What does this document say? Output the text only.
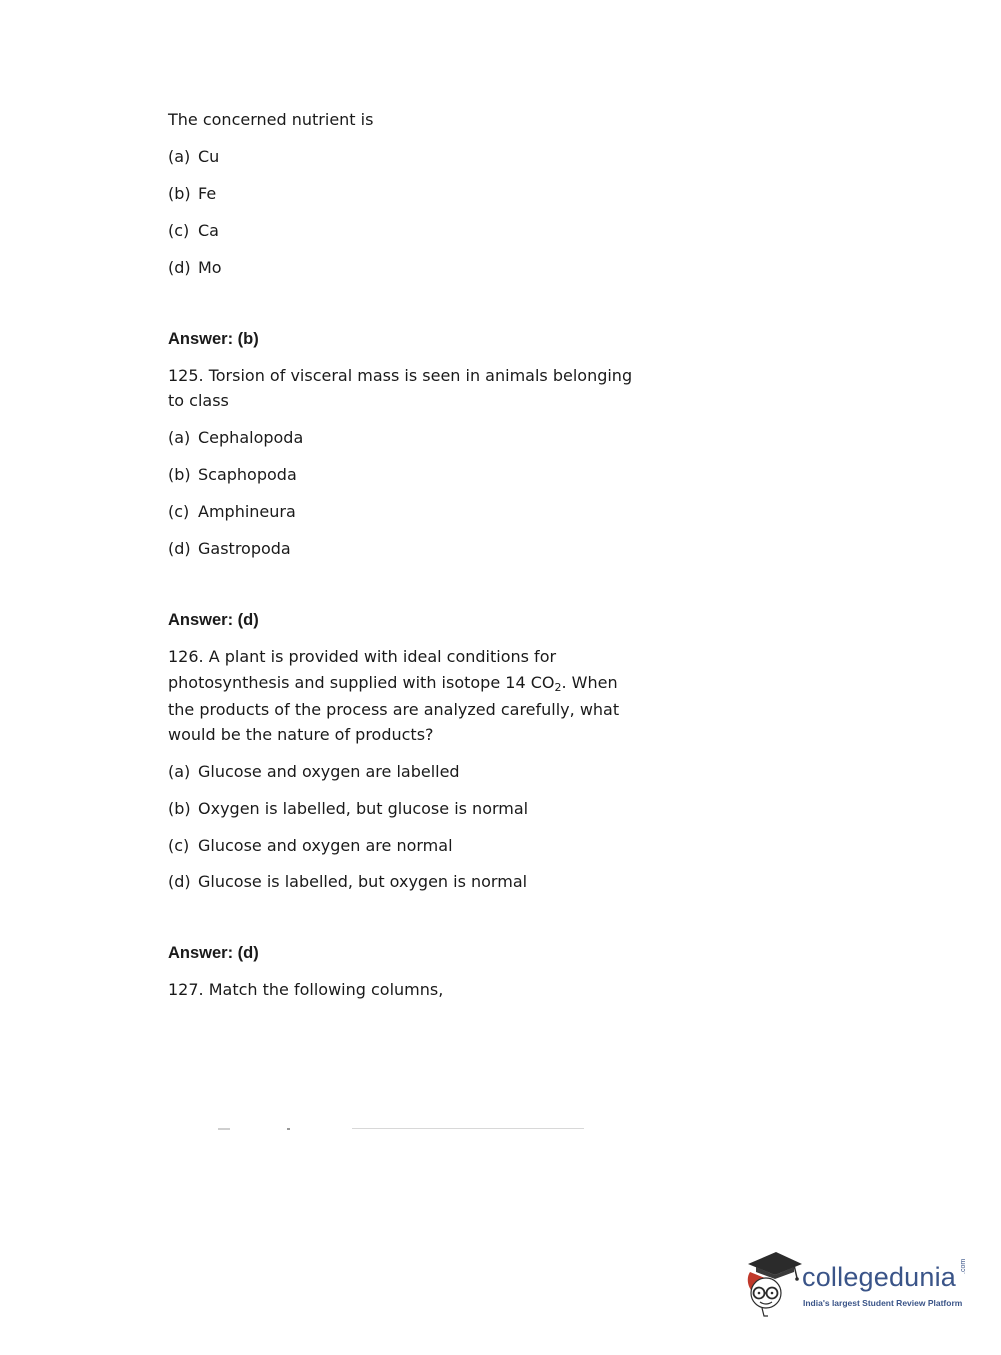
The concerned nutrient is
(a) Cu
(b) Fe
(c) Ca
(d) Mo
Answer: (b)
125. Torsion of visceral mass is seen in animals belonging
to class
(a) Cephalopoda
(b) Scaphopoda
(c) Amphineura
(d) Gastropoda
Answer: (d)
126. A plant is provided with ideal conditions for
photosynthesis and supplied with isotope 14 $CO_2$. When
the products of the process are analyzed carefully, what
would be the nature of products?
(a) Glucose and oxygen are labelled
(b) Oxygen is labelled, but glucose is normal
(c) Glucose and oxygen are normal
(d) Glucose is labelled, but oxygen is normal
Answer: (d)
127. Match the following columns,
collegedunia .com
India's largest Student Review Platform
